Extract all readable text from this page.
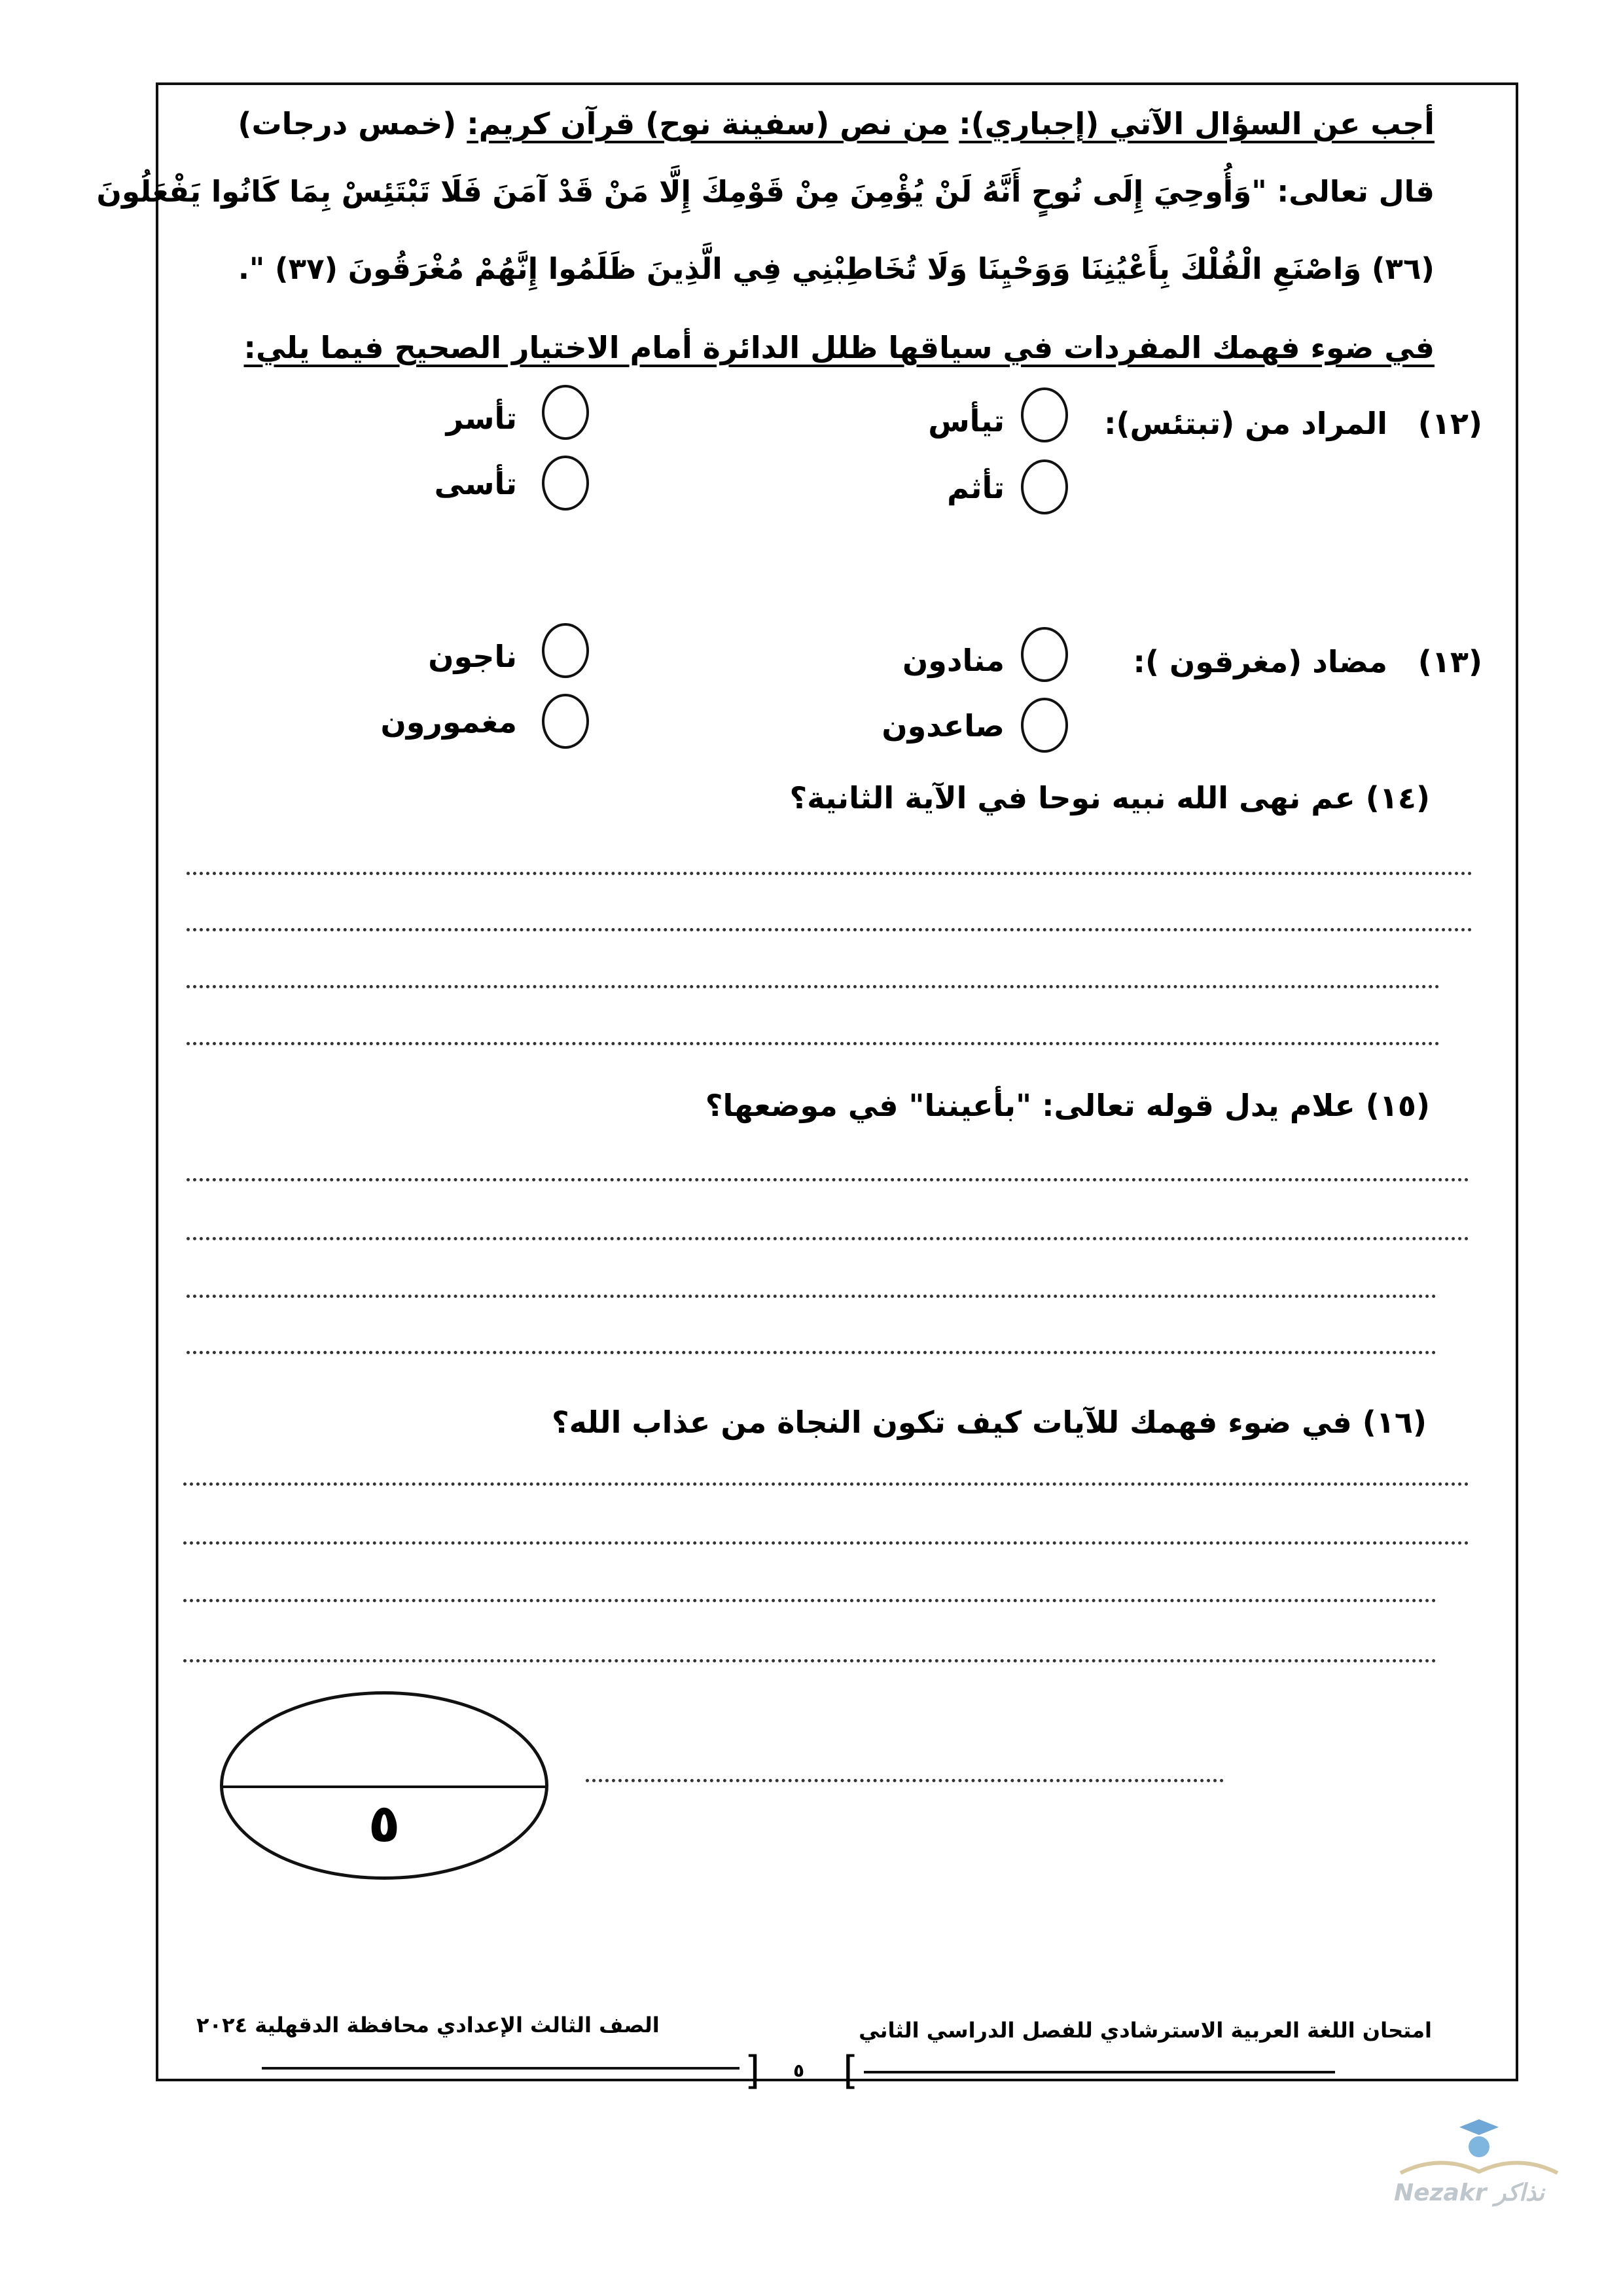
أجب عن السؤال الآتي (إجباري): من نص (سفينة نوح) قرآن كريم: (خمس درجات)
قال تعالى: "وَأُوحِيَ إِلَى نُوحٍ أَنَّهُ لَنْ يُؤْمِنَ مِنْ قَوْمِكَ إِلَّا مَنْ قَدْ آمَنَ فَلَا تَبْتَئِسْ بِمَا كَانُوا يَفْعَلُونَ
(٣٦) وَاصْنَعِ الْفُلْكَ بِأَعْيُنِنَا وَوَحْيِنَا وَلَا تُخَاطِبْنِي فِي الَّذِينَ ظَلَمُوا إِنَّهُمْ مُغْرَقُونَ (٣٧) ".
في ضوء فهمك المفردات في سياقها ظلل الدائرة أمام الاختيار الصحيح فيما يلي:
(١٢)
المراد من (تبتئس):
تيأس
تأسر
تأثم
تأسى
(١٣)
مضاد (مغرقون ):
منادون
ناجون
صاعدون
مغمورون
(١٤) عم نهى الله نبيه نوحا في الآية الثانية؟
(١٥) علام يدل قوله تعالى: "بأعيننا" في موضعها؟
(١٦) في ضوء فهمك للآيات كيف تكون النجاة من عذاب الله؟
٥
امتحان اللغة العربية الاسترشادي للفصل الدراسي الثاني
الصف الثالث الإعدادي محافظة الدقهلية ٢٠٢٤
[ ٥ ]
Nezakr نذاكر
